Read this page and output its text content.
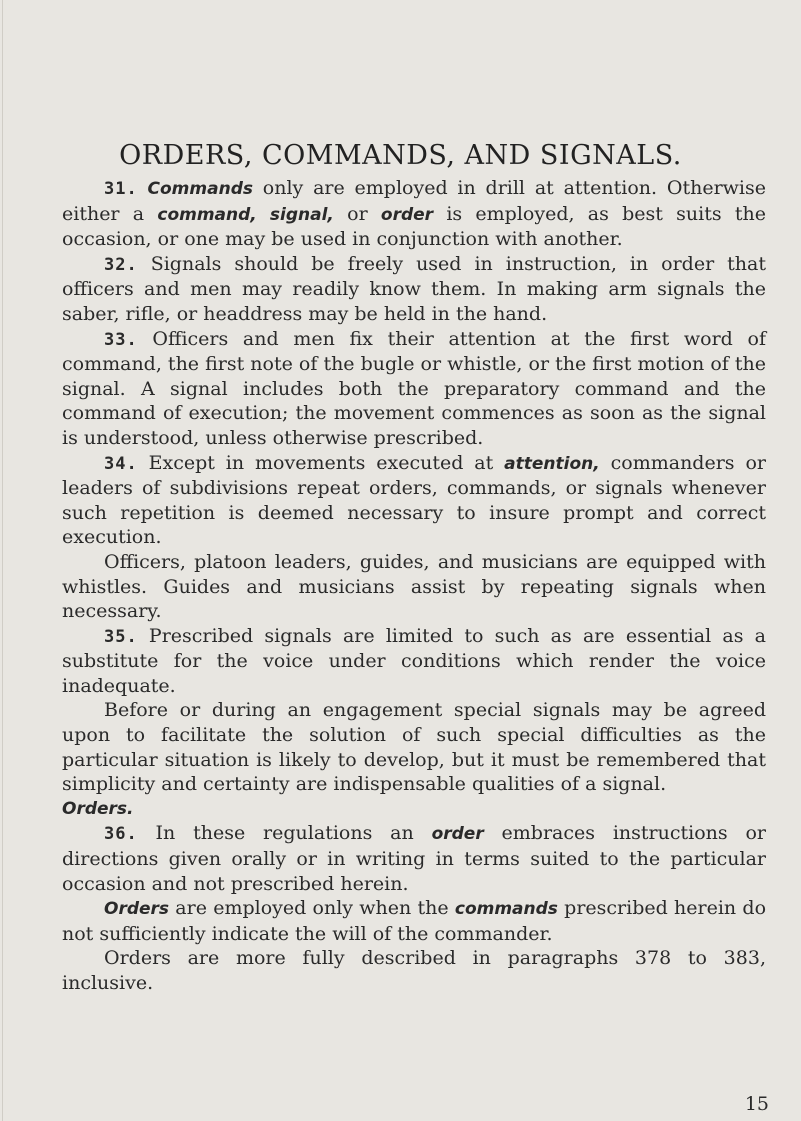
ORDERS, COMMANDS, AND SIGNALS.

31. Commands only are employed in drill at attention. Otherwise either a command, signal, or order is employed, as best suits the occasion, or one may be used in conjunction with another.

32. Signals should be freely used in instruction, in order that officers and men may readily know them. In making arm signals the saber, rifle, or headdress may be held in the hand.

33. Officers and men fix their attention at the first word of command, the first note of the bugle or whistle, or the first motion of the signal. A signal includes both the preparatory command and the command of execution; the movement commences as soon as the signal is understood, unless otherwise prescribed.

34. Except in movements executed at attention, commanders or leaders of subdivisions repeat orders, commands, or signals whenever such repetition is deemed necessary to insure prompt and correct execution.

Officers, platoon leaders, guides, and musicians are equipped with whistles. Guides and musicians assist by repeating signals when necessary.

35. Prescribed signals are limited to such as are essential as a substitute for the voice under conditions which render the voice inadequate.

Before or during an engagement special signals may be agreed upon to facilitate the solution of such special difficulties as the particular situation is likely to develop, but it must be remembered that simplicity and certainty are indispensable qualities of a signal.

Orders.

36. In these regulations an order embraces instructions or directions given orally or in writing in terms suited to the particular occasion and not prescribed herein.

Orders are employed only when the commands prescribed herein do not sufficiently indicate the will of the commander.

Orders are more fully described in paragraphs 378 to 383, inclusive.

15
